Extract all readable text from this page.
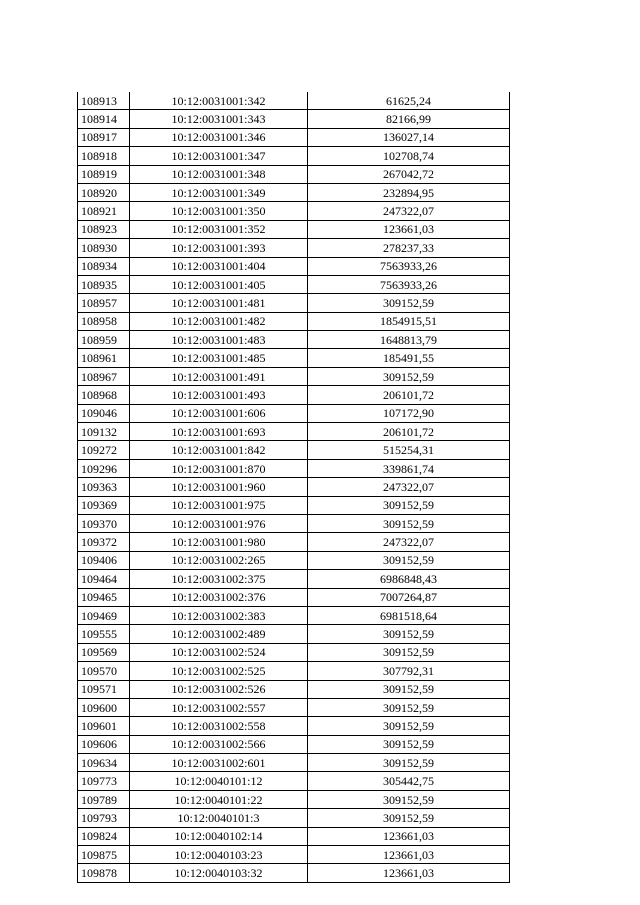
108913	10:12:0031001:342	61625,24
108914	10:12:0031001:343	82166,99
108917	10:12:0031001:346	136027,14
108918	10:12:0031001:347	102708,74
108919	10:12:0031001:348	267042,72
108920	10:12:0031001:349	232894,95
108921	10:12:0031001:350	247322,07
108923	10:12:0031001:352	123661,03
108930	10:12:0031001:393	278237,33
108934	10:12:0031001:404	7563933,26
108935	10:12:0031001:405	7563933,26
108957	10:12:0031001:481	309152,59
108958	10:12:0031001:482	1854915,51
108959	10:12:0031001:483	1648813,79
108961	10:12:0031001:485	185491,55
108967	10:12:0031001:491	309152,59
108968	10:12:0031001:493	206101,72
109046	10:12:0031001:606	107172,90
109132	10:12:0031001:693	206101,72
109272	10:12:0031001:842	515254,31
109296	10:12:0031001:870	339861,74
109363	10:12:0031001:960	247322,07
109369	10:12:0031001:975	309152,59
109370	10:12:0031001:976	309152,59
109372	10:12:0031001:980	247322,07
109406	10:12:0031002:265	309152,59
109464	10:12:0031002:375	6986848,43
109465	10:12:0031002:376	7007264,87
109469	10:12:0031002:383	6981518,64
109555	10:12:0031002:489	309152,59
109569	10:12:0031002:524	309152,59
109570	10:12:0031002:525	307792,31
109571	10:12:0031002:526	309152,59
109600	10:12:0031002:557	309152,59
109601	10:12:0031002:558	309152,59
109606	10:12:0031002:566	309152,59
109634	10:12:0031002:601	309152,59
109773	10:12:0040101:12	305442,75
109789	10:12:0040101:22	309152,59
109793	10:12:0040101:3	309152,59
109824	10:12:0040102:14	123661,03
109875	10:12:0040103:23	123661,03
109878	10:12:0040103:32	123661,03
